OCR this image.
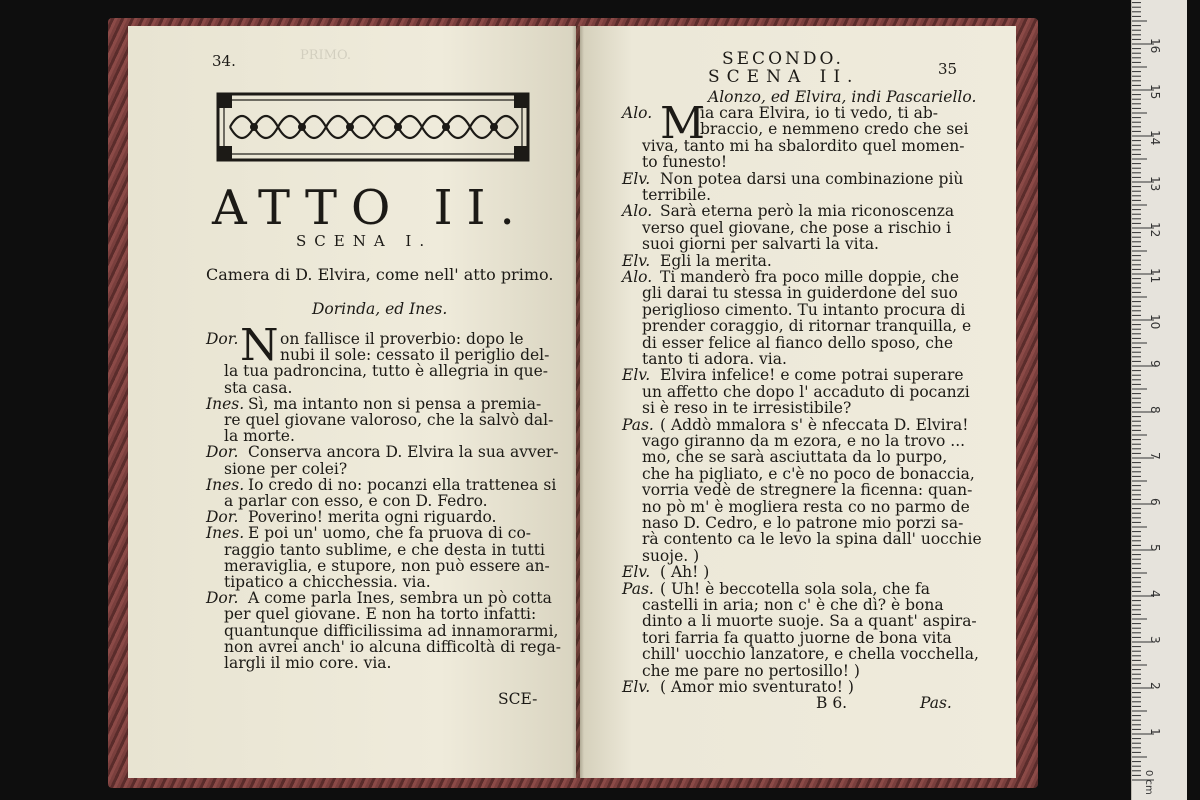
PRIMO.
34.
ATTO II.
SCENA I.
Camera di D. Elvira, come nell' atto primo.
Dorinda, ed Ines.
N
Dor.	on fallisce il proverbio: dopo le
nubi il sole: cessato il periglio del-
la tua padroncina, tutto è allegria in que-
sta casa.
Ines. Sì, ma intanto non si pensa a premia-
re quel giovane valoroso, che la salvò dal-
la morte.
Dor. Conserva ancora D. Elvira la sua avver-
sione per colei?
Ines. Io credo di no: pocanzi ella trattenea si
a parlar con esso, e con D. Fedro.
Dor. Poverino! merita ogni riguardo.
Ines. E poi un' uomo, che fa pruova di co-
raggio tanto sublime, e che desta in tutti
meraviglia, e stupore, non può essere an-
tipatico a chicchessia. via.
Dor. A come parla Ines, sembra un pò cotta
per quel giovane. E non ha torto infatti:
quantunque difficilissima ad innamorarmi,
non avrei anch' io alcuna difficoltà di rega-
largli il mio core. via.
SCE-
SECONDO.	35
SCENA II.
Alonzo, ed Elvira, indi Pascariello.
M
Alo.	ia cara Elvira, io ti vedo, ti ab-
braccio, e nemmeno credo che sei
viva, tanto mi ha sbalordito quel momen-
to funesto!
Elv. Non potea darsi una combinazione più
terribile.
Alo. Sarà eterna però la mia riconoscenza
verso quel giovane, che pose a rischio i
suoi giorni per salvarti la vita.
Elv. Egli la merita.
Alo. Ti manderò fra poco mille doppie, che
gli darai tu stessa in guiderdone del suo
periglioso cimento. Tu intanto procura di
prender coraggio, di ritornar tranquilla, e
di esser felice al fianco dello sposo, che
tanto ti adora. via.
Elv. Elvira infelice! e come potrai superare
un affetto che dopo l' accaduto di pocanzi
si è reso in te irresistibile?
Pas. ( Addò mmalora s' è nfeccata D. Elvira!
vago giranno da m ezora, e no la trovo ...
mo, che se sarà asciuttata da lo purpo,
che ha pigliato, e c'è no poco de bonaccia,
vorria vedè de stregnere la ficenna: quan-
no pò m' è mogliera resta co no parmo de
naso D. Cedro, e lo patrone mio porzi sa-
rà contento ca le levo la spina dall' uocchie
suoje. )
Elv. ( Ah! )
Pas. ( Uh! è beccotella sola sola, che fa
castelli in aria; non c' è che dì? è bona
dinto a li muorte suoje. Sa a quant' aspira-
tori farria fa quatto juorne de bona vita
chill' uocchio lanzatore, e chella vocchella,
che me pare no pertosillo! )
Elv. ( Amor mio sventurato! )
B 6.	Pas.
1
2
3
4
5
6
7
8
9
10
11
12
13
14
15
16
0 cm
